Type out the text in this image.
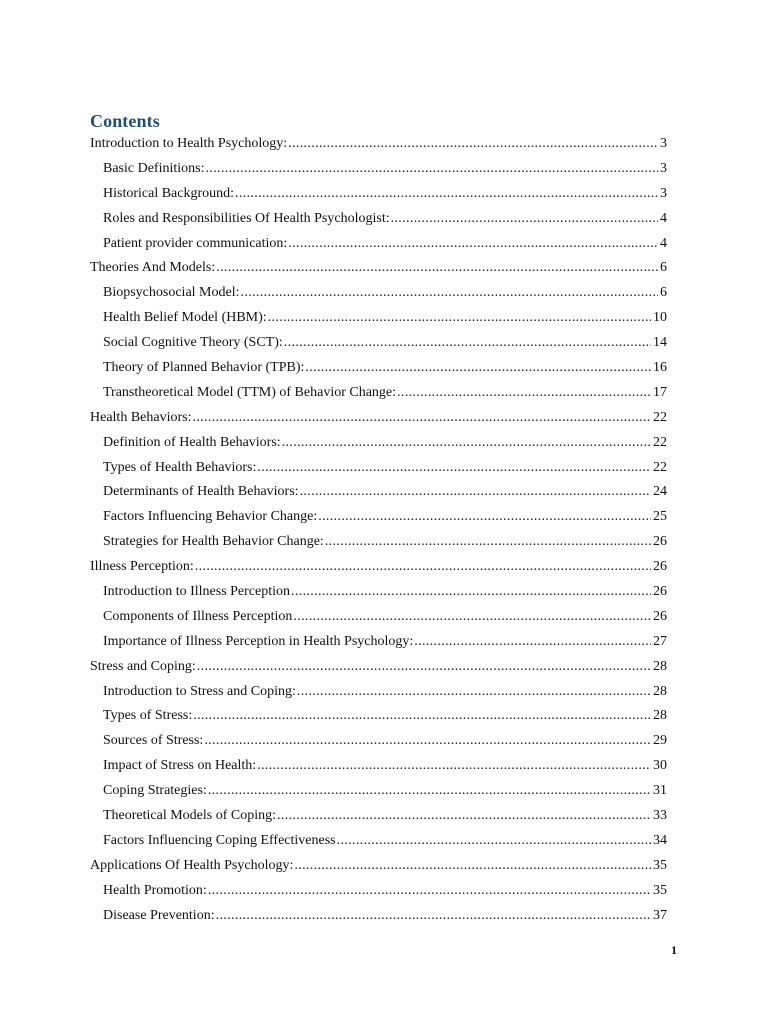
Contents
Introduction to Health Psychology: .....	3
Basic Definitions: .....	3
Historical Background: .....	3
Roles and Responsibilities Of Health Psychologist: .....	4
Patient provider communication: .....	4
Theories And Models: .....	6
Biopsychosocial Model: .....	6
Health Belief Model (HBM): .....	10
Social Cognitive Theory (SCT): .....	14
Theory of Planned Behavior (TPB): .....	16
Transtheoretical Model (TTM) of Behavior Change: .....	17
Health Behaviors: .....	22
Definition of Health Behaviors: .....	22
Types of Health Behaviors: .....	22
Determinants of Health Behaviors: .....	24
Factors Influencing Behavior Change: .....	25
Strategies for Health Behavior Change: .....	26
Illness Perception: .....	26
Introduction to Illness Perception .....	26
Components of Illness Perception .....	26
Importance of Illness Perception in Health Psychology: .....	27
Stress and Coping: .....	28
Introduction to Stress and Coping: .....	28
Types of Stress: .....	28
Sources of Stress: .....	29
Impact of Stress on Health: .....	30
Coping Strategies: .....	31
Theoretical Models of Coping: .....	33
Factors Influencing Coping Effectiveness .....	34
Applications Of Health Psychology: .....	35
Health Promotion: .....	35
Disease Prevention: .....	37
1
